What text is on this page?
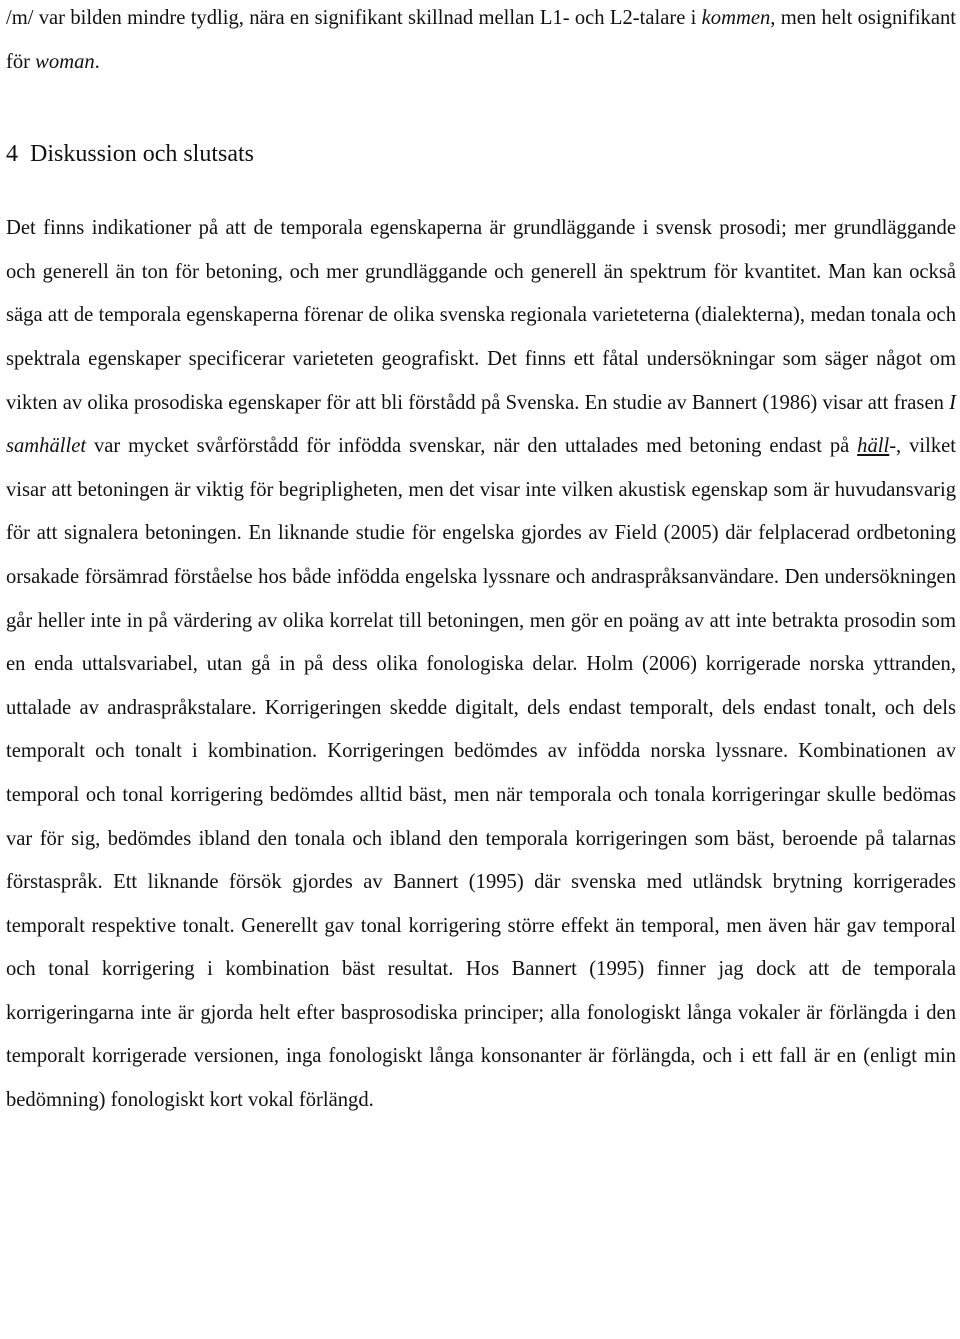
/m/ var bilden mindre tydlig, nära en signifikant skillnad mellan L1- och L2-talare i kommen, men helt osignifikant för woman.

4 Diskussion och slutsats

Det finns indikationer på att de temporala egenskaperna är grundläggande i svensk prosodi; mer grundläggande och generell än ton för betoning, och mer grundläggande och generell än spektrum för kvantitet. Man kan också säga att de temporala egenskaperna förenar de olika svenska regionala varieteterna (dialekterna), medan tonala och spektrala egenskaper specificerar varieteten geografiskt. Det finns ett fåtal undersökningar som säger något om vikten av olika prosodiska egenskaper för att bli förstådd på Svenska. En studie av Bannert (1986) visar att frasen I samhället var mycket svårförstådd för infödda svenskar, när den uttalades med betoning endast på häll-, vilket visar att betoningen är viktig för begripligheten, men det visar inte vilken akustisk egenskap som är huvudansvarig för att signalera betoningen. En liknande studie för engelska gjordes av Field (2005) där felplacerad ordbetoning orsakade försämrad förståelse hos både infödda engelska lyssnare och andraspråksanvändare. Den undersökningen går heller inte in på värdering av olika korrelat till betoningen, men gör en poäng av att inte betrakta prosodin som en enda uttalsvariabel, utan gå in på dess olika fonologiska delar. Holm (2006) korrigerade norska yttranden, uttalade av andraspråkstalare. Korrigeringen skedde digitalt, dels endast temporalt, dels endast tonalt, och dels temporalt och tonalt i kombination. Korrigeringen bedömdes av infödda norska lyssnare. Kombinationen av temporal och tonal korrigering bedömdes alltid bäst, men när temporala och tonala korrigeringar skulle bedömas var för sig, bedömdes ibland den tonala och ibland den temporala korrigeringen som bäst, beroende på talarnas förstaspråk. Ett liknande försök gjordes av Bannert (1995) där svenska med utländsk brytning korrigerades temporalt respektive tonalt. Generellt gav tonal korrigering större effekt än temporal, men även här gav temporal och tonal korrigering i kombination bäst resultat. Hos Bannert (1995) finner jag dock att de temporala korrigeringarna inte är gjorda helt efter basprosodiska principer; alla fonologiskt långa vokaler är förlängda i den temporalt korrigerade versionen, inga fonologiskt långa konsonanter är förlängda, och i ett fall är en (enligt min bedömning) fonologiskt kort vokal förlängd.
